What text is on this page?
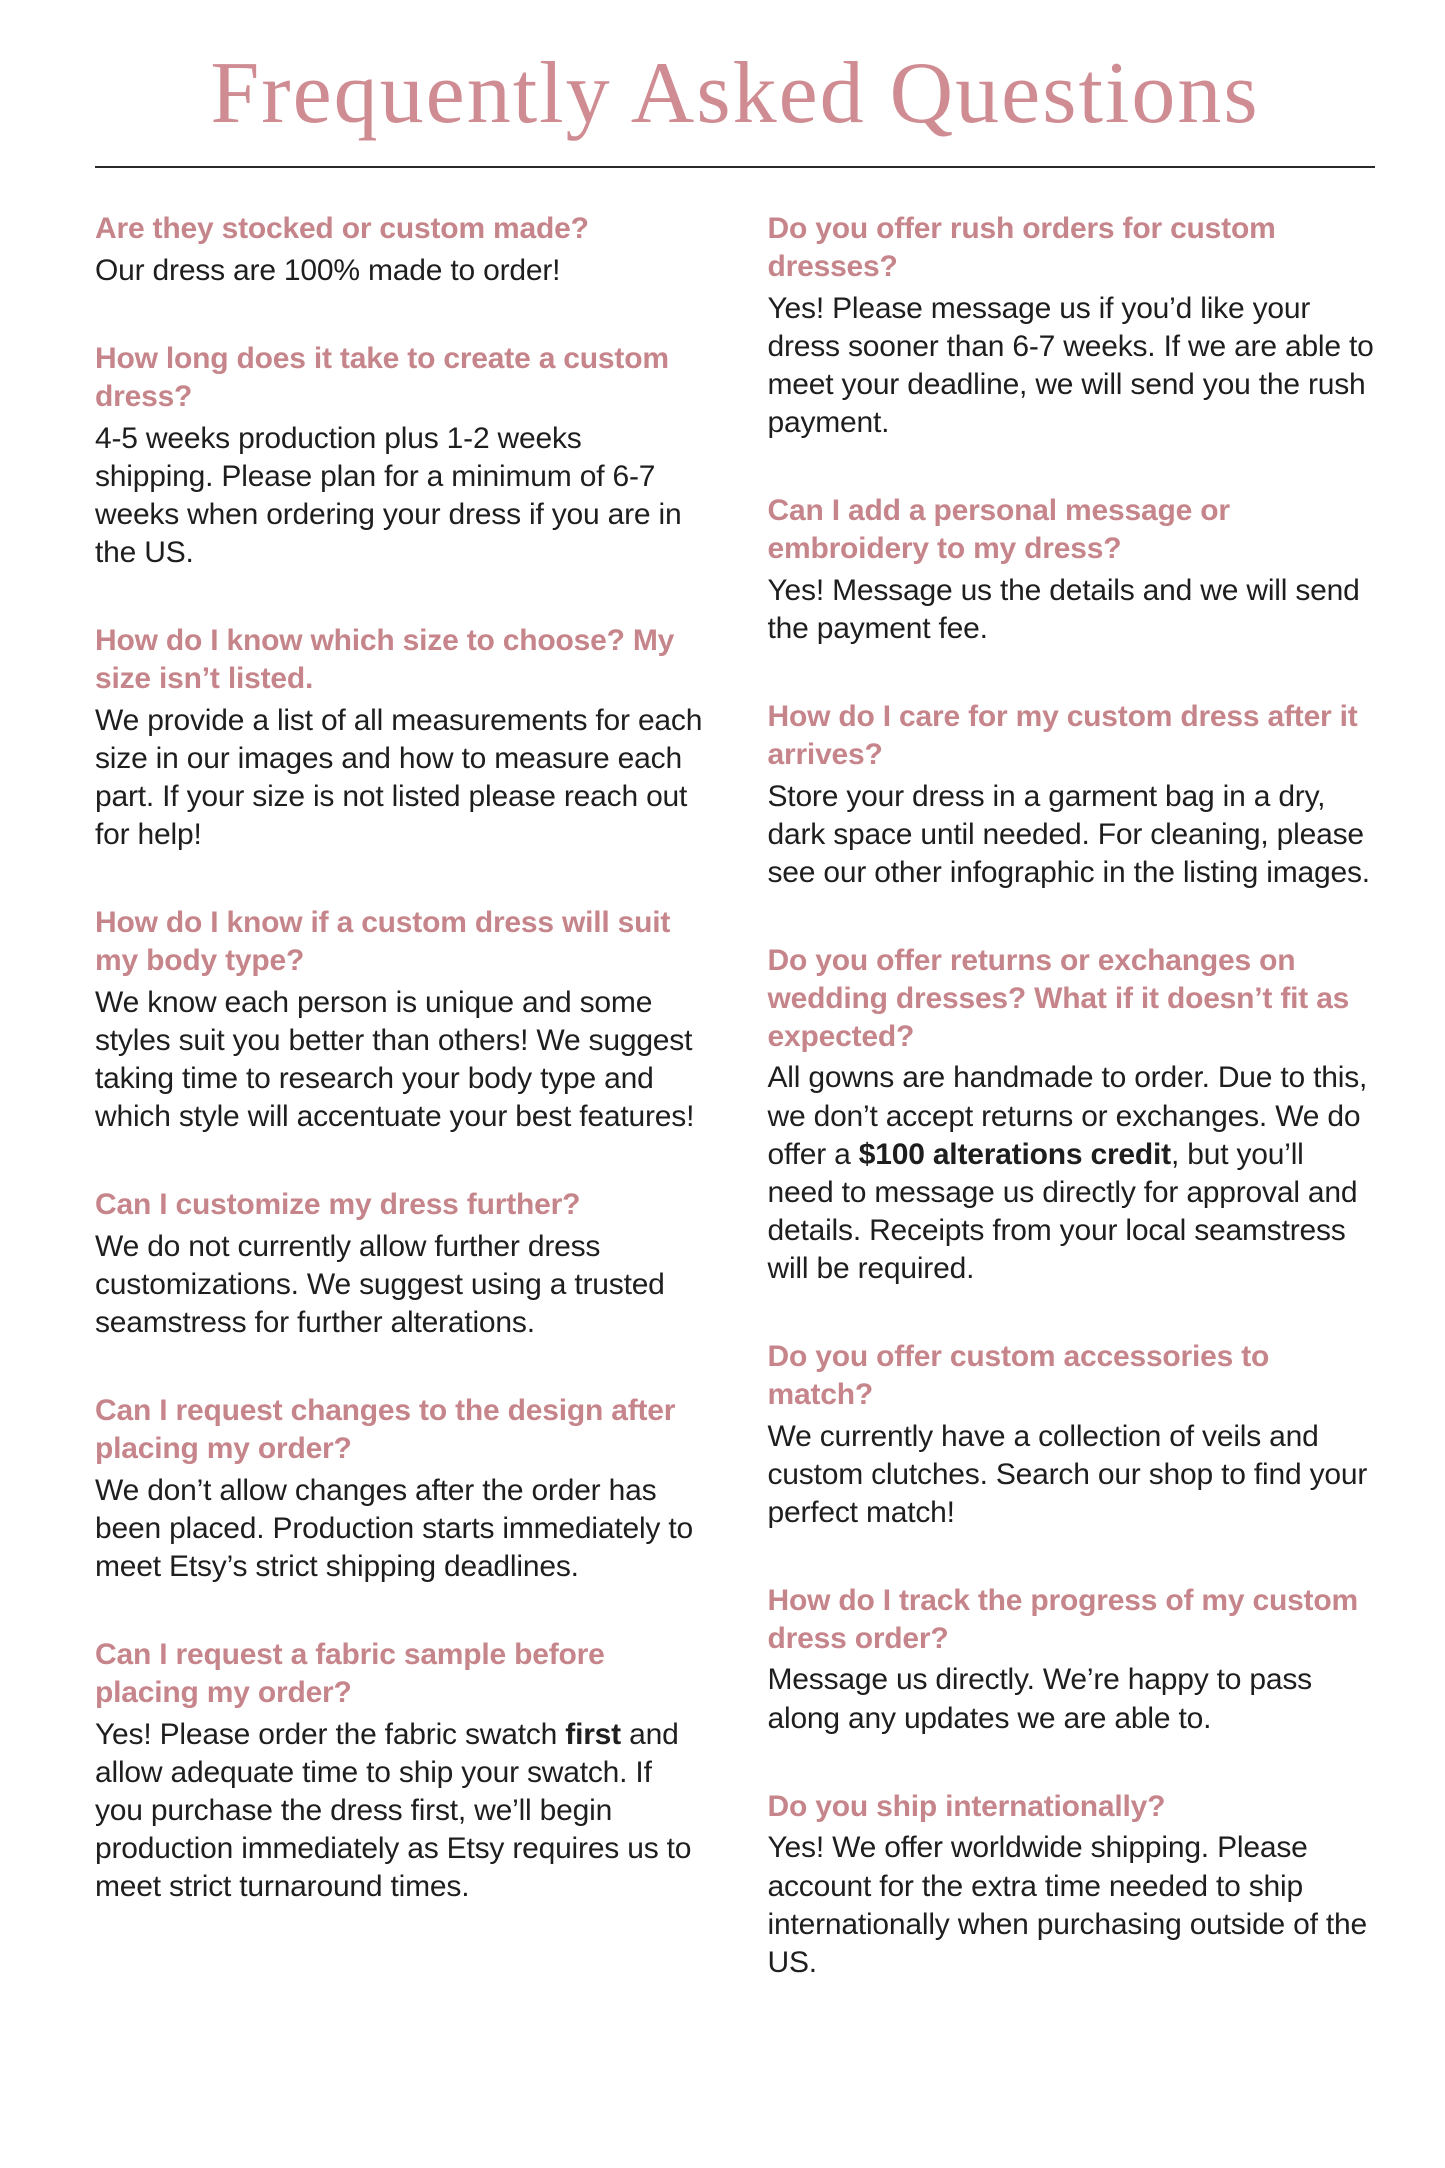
Frequently Asked Questions
Are they stocked or custom made?

Our dress are 100% made to order!

How long does it take to create a custom dress?

4-5 weeks production plus 1-2 weeks shipping. Please plan for a minimum of 6-7 weeks when ordering your dress if you are in the US.

How do I know which size to choose? My size isn’t listed.

We provide a list of all measurements for each size in our images and how to measure each part. If your size is not listed please reach out for help!

How do I know if a custom dress will suit my body type?

We know each person is unique and some styles suit you better than others! We suggest taking time to research your body type and which style will accentuate your best features!

Can I customize my dress further?

We do not currently allow further dress customizations. We suggest using a trusted seamstress for further alterations.

Can I request changes to the design after placing my order?

We don’t allow changes after the order has been placed. Production starts immediately to meet Etsy’s strict shipping deadlines.

Can I request a fabric sample before placing my order?

Yes! Please order the fabric swatch first and allow adequate time to ship your swatch. If you purchase the dress first, we’ll begin production immediately as Etsy requires us to meet strict turnaround times.

Do you offer rush orders for custom dresses?

Yes! Please message us if you’d like your dress sooner than 6-7 weeks. If we are able to meet your deadline, we will send you the rush payment.

Can I add a personal message or embroidery to my dress?

Yes! Message us the details and we will send the payment fee.

How do I care for my custom dress after it arrives?

Store your dress in a garment bag in a dry, dark space until needed. For cleaning, please see our other infographic in the listing images.

Do you offer returns or exchanges on wedding dresses? What if it doesn’t fit as expected?

All gowns are handmade to order. Due to this, we don’t accept returns or exchanges. We do offer a $100 alterations credit, but you’ll need to message us directly for approval and details. Receipts from your local seamstress will be required.

Do you offer custom accessories to match?

We currently have a collection of veils and custom clutches. Search our shop to find your perfect match!

How do I track the progress of my custom dress order?

Message us directly. We’re happy to pass along any updates we are able to.

Do you ship internationally?

Yes! We offer worldwide shipping. Please account for the extra time needed to ship internationally when purchasing outside of the US.
